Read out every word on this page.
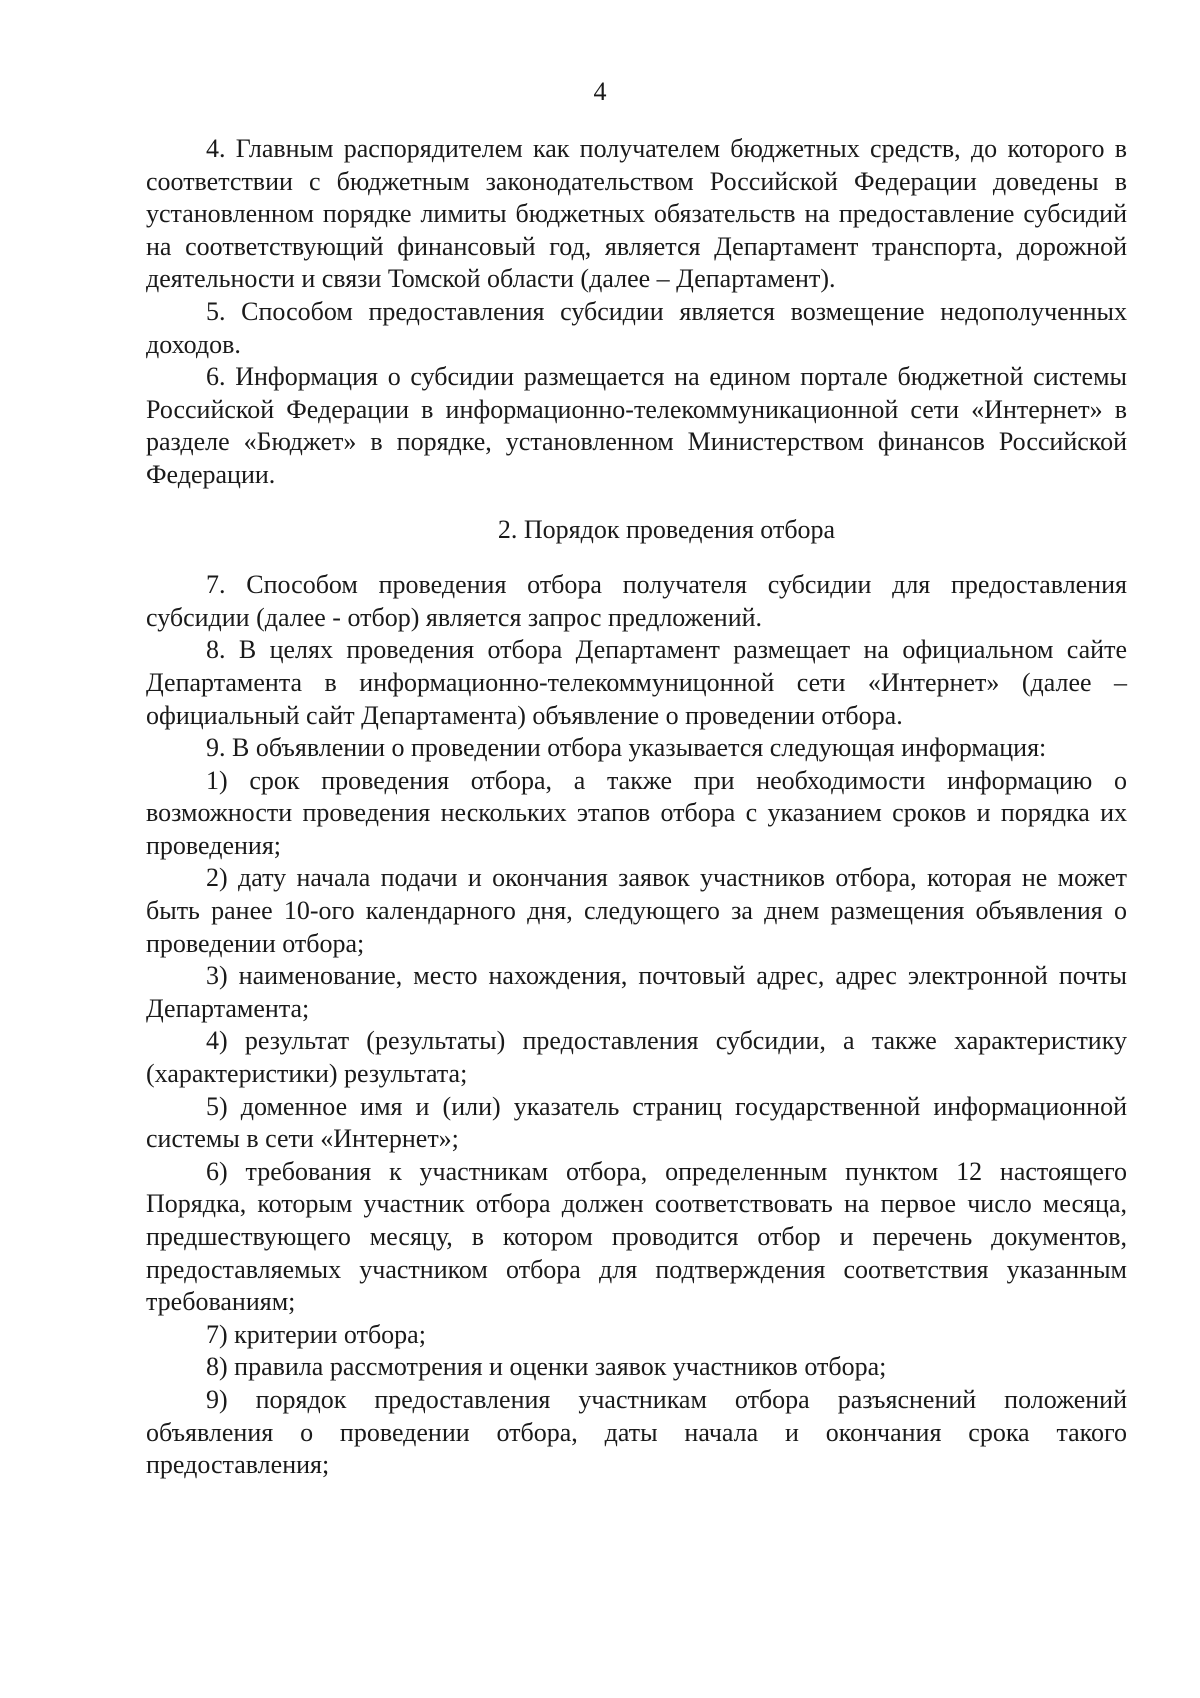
4

4. Главным распорядителем как получателем бюджетных средств, до которого в соответствии с бюджетным законодательством Российской Федерации доведены в установленном порядке лимиты бюджетных обязательств на предоставление субсидий на соответствующий финансовый год, является Департамент транспорта, дорожной деятельности и связи Томской области (далее – Департамент).

5. Способом предоставления субсидии является возмещение недополученных доходов.

6. Информация о субсидии размещается на едином портале бюджетной системы Российской Федерации в информационно-телекоммуникационной сети «Интернет» в разделе «Бюджет» в порядке, установленном Министерством финансов Российской Федерации.

2. Порядок проведения отбора

7. Способом проведения отбора получателя субсидии для предоставления субсидии (далее - отбор) является запрос предложений.

8. В целях проведения отбора Департамент размещает на официальном сайте Департамента в информационно-телекоммуницонной сети «Интернет» (далее – официальный сайт Департамента) объявление о проведении отбора.

9. В объявлении о проведении отбора указывается следующая информация:

1) срок проведения отбора, а также при необходимости информацию о возможности проведения нескольких этапов отбора с указанием сроков и порядка их проведения;

2) дату начала подачи и окончания заявок участников отбора, которая не может быть ранее 10-ого календарного дня, следующего за днем размещения объявления о проведении отбора;

3) наименование, место нахождения, почтовый адрес, адрес электронной почты Департамента;

4) результат (результаты) предоставления субсидии, а также характеристику (характеристики) результата;

5) доменное имя и (или) указатель страниц государственной информационной системы в сети «Интернет»;

6) требования к участникам отбора, определенным пунктом 12 настоящего Порядка, которым участник отбора должен соответствовать на первое число месяца, предшествующего месяцу, в котором проводится отбор и перечень документов, предоставляемых участником отбора для подтверждения соответствия указанным требованиям;

7) критерии отбора;

8) правила рассмотрения и оценки заявок участников отбора;

9) порядок предоставления участникам отбора разъяснений положений объявления о проведении отбора, даты начала и окончания срока такого предоставления;
